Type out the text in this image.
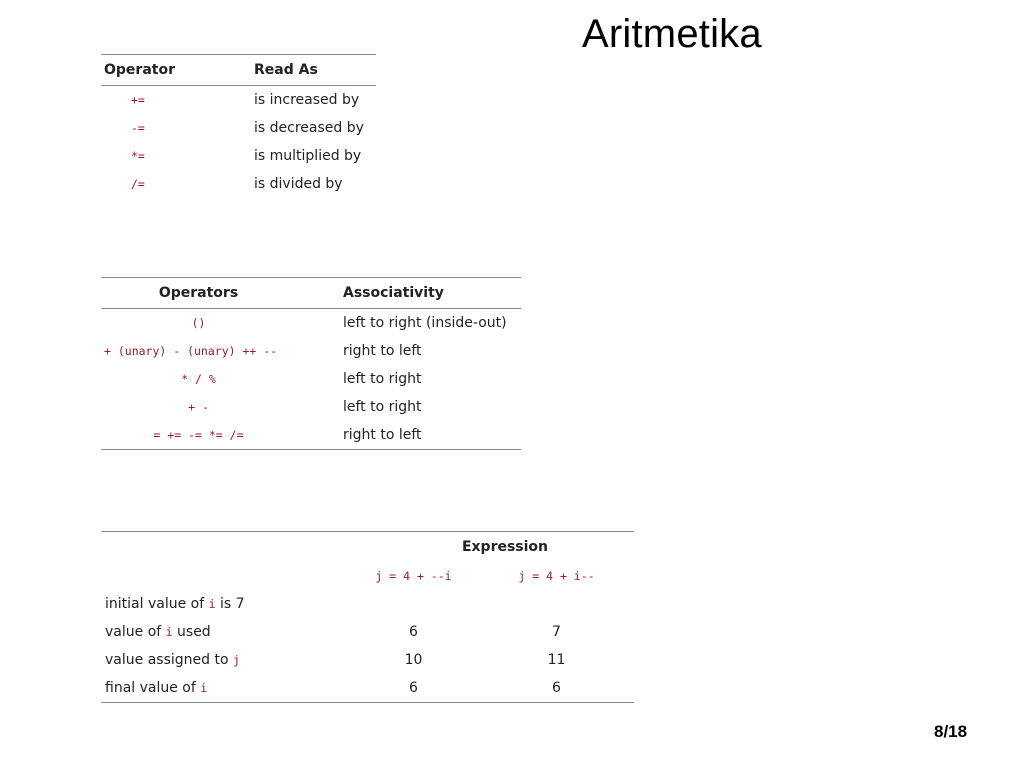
Aritmetika
Operator	Read As
+=	is increased by
-=	is decreased by
*=	is multiplied by
/=	is divided by
Operators	Associativity
()	left to right (inside-out)
+ (unary) - (unary) ++ --	right to left
* / %	left to right
+ -	left to right
= += -= *= /=	right to left
	Expression	
	j = 4 + --i	j = 4 + i--
initial value of i is 7		
value of i used	6	7
value assigned to j	10	11
final value of i	6	6
8/18
